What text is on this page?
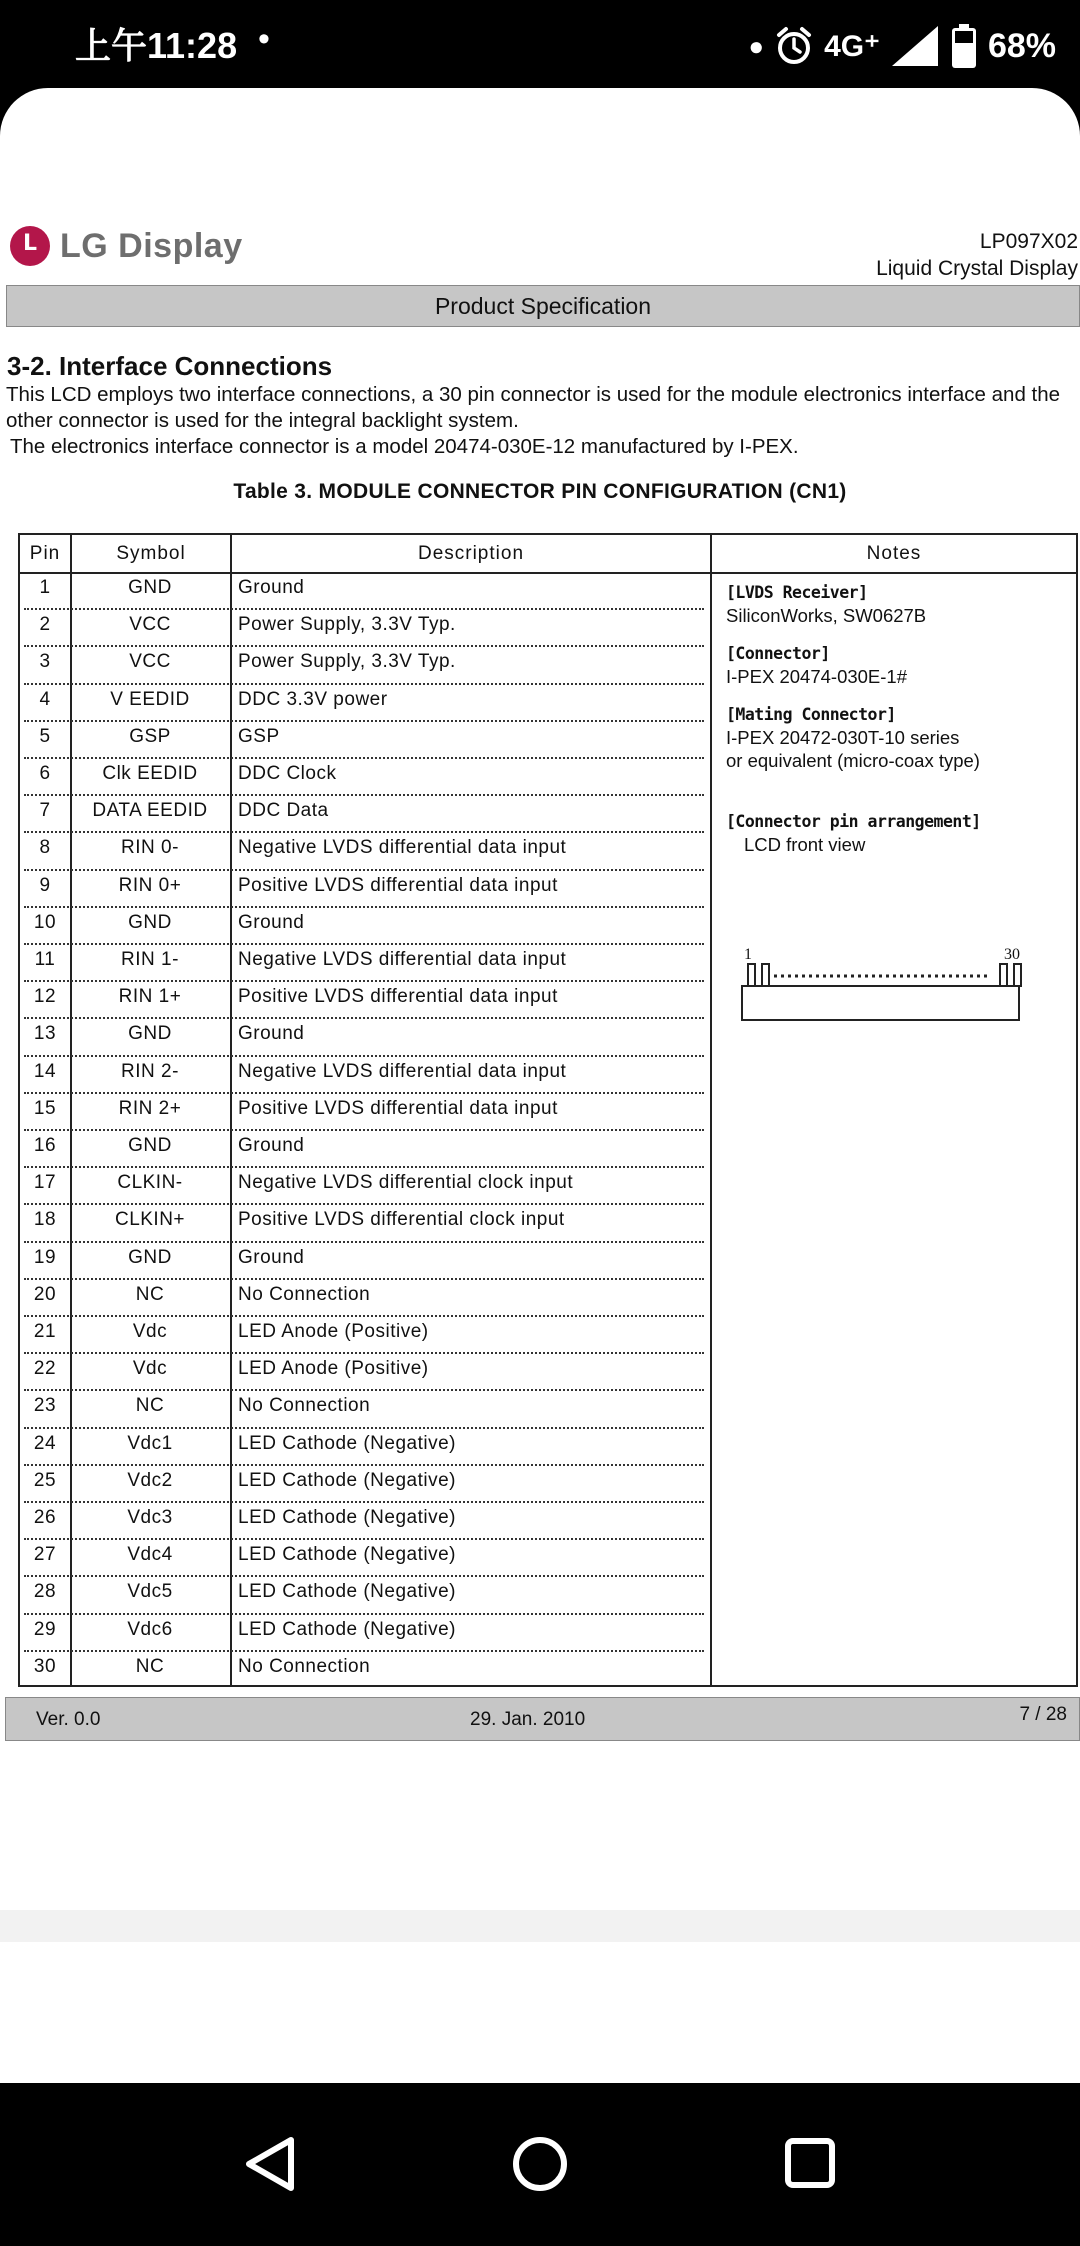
上午11:28 •	● 4G⁺	68%
L LG Display	LP097X02
Liquid Crystal Display
Product Specification
3-2. Interface Connections
This LCD employs two interface connections, a 30 pin connector is used for the module electronics interface and the other connector is used for the integral backlight system.
The electronics interface connector is a model 20474-030E-12 manufactured by I-PEX.
Table 3. MODULE CONNECTOR PIN CONFIGURATION (CN1)
Pin	Symbol	Description	Notes
1	GND	Ground
2	VCC	Power Supply, 3.3V Typ.
3	VCC	Power Supply, 3.3V Typ.
4	V EEDID	DDC 3.3V power
5	GSP	GSP
6	Clk EEDID	DDC Clock
7	DATA EEDID	DDC Data
8	RIN 0-	Negative LVDS differential data input
9	RIN 0+	Positive LVDS differential data input
10	GND	Ground
11	RIN 1-	Negative LVDS differential data input
12	RIN 1+	Positive LVDS differential data input
13	GND	Ground
14	RIN 2-	Negative LVDS differential data input
15	RIN 2+	Positive LVDS differential data input
16	GND	Ground
17	CLKIN-	Negative LVDS differential clock input
18	CLKIN+	Positive LVDS differential clock input
19	GND	Ground
20	NC	No Connection
21	Vdc	LED Anode (Positive)
22	Vdc	LED Anode (Positive)
23	NC	No Connection
24	Vdc1	LED Cathode (Negative)
25	Vdc2	LED Cathode (Negative)
26	Vdc3	LED Cathode (Negative)
27	Vdc4	LED Cathode (Negative)
28	Vdc5	LED Cathode (Negative)
29	Vdc6	LED Cathode (Negative)
30	NC	No Connection
[LVDS Receiver]
SiliconWorks, SW0627B
[Connector]
I-PEX 20474-030E-1#
[Mating Connector]
I-PEX 20472-030T-10 series
or equivalent (micro-coax type)
[Connector pin arrangement]
LCD front view
1	30
Ver. 0.0	29. Jan. 2010	7 / 28
